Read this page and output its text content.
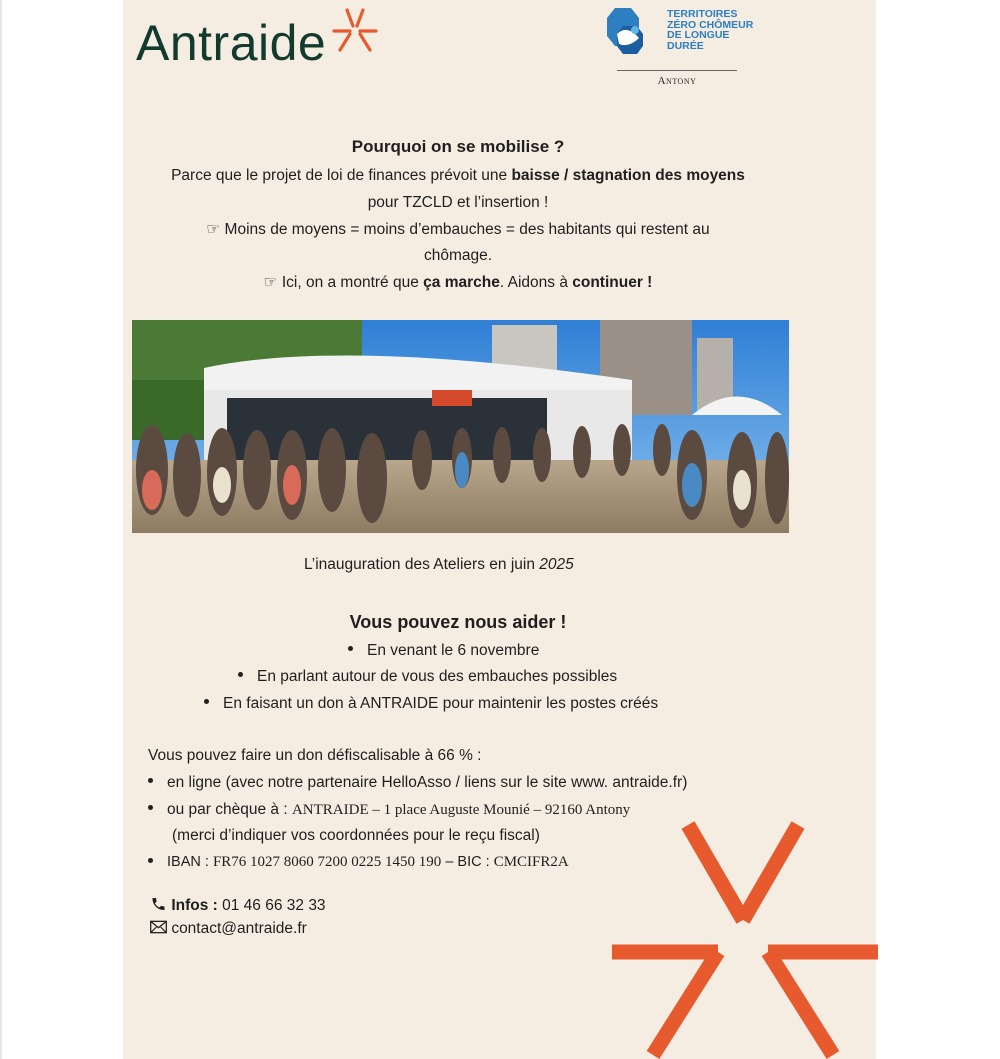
Antraide
TERRITOIRES
ZÉRO CHÔMEUR
DE LONGUE
DURÉE
Antony
Pourquoi on se mobilise ?
Parce que le projet de loi de finances prévoit une baisse / stagnation des moyens
pour TZCLD et l’insertion !
☞ Moins de moyens = moins d’embauches = des habitants qui restent au
chômage.
☞ Ici, on a montré que ça marche. Aidons à continuer !
L’inauguration des Ateliers en juin 2025
Vous pouvez nous aider !
En venant le 6 novembre
En parlant autour de vous des embauches possibles
En faisant un don à ANTRAIDE pour maintenir les postes créés
Vous pouvez faire un don défiscalisable à 66 % :
en ligne (avec notre partenaire HelloAsso / liens sur le site www. antraide.fr)
ou par chèque à : ANTRAIDE – 1 place Auguste Mounié – 92160 Antony
(merci d’indiquer vos coordonnées pour le reçu fiscal)
IBAN : FR76 1027 8060 7200 0225 1450 190 – BIC : CMCIFR2A
Infos : 01 46 66 32 33
contact@antraide.fr
